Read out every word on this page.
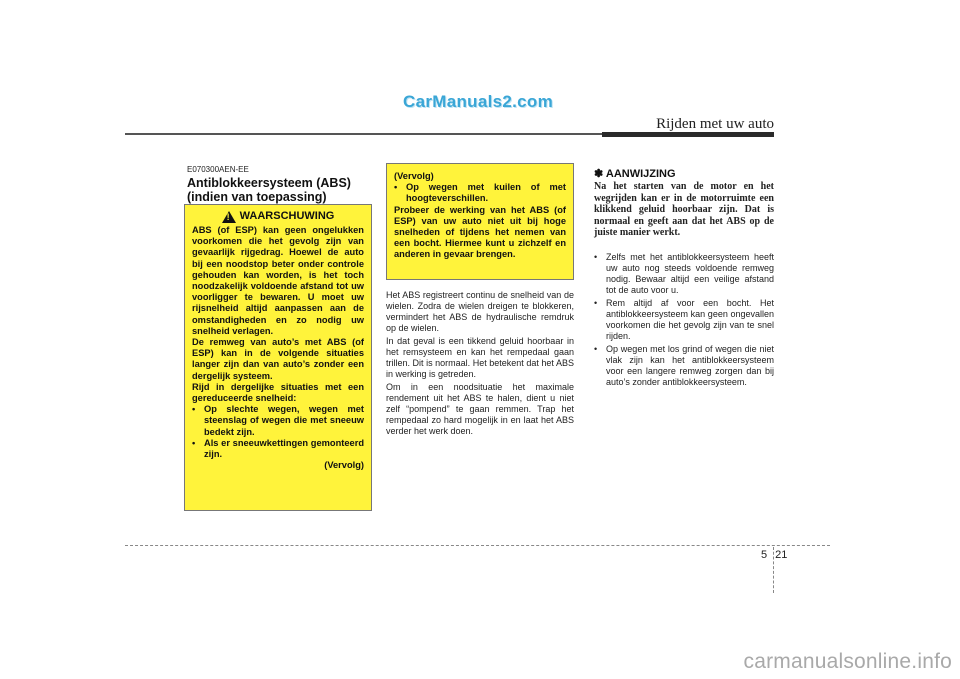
CarManuals2.com
Rijden met uw auto
E070300AEN-EE
Antiblokkeersysteem (ABS) (indien van toepassing)
!
WAARSCHUWING
ABS (of ESP) kan geen ongelukken voorkomen die het gevolg zijn van gevaarlijk rijgedrag. Hoewel de auto bij een noodstop beter onder controle gehouden kan worden, is het toch noodzakelijk voldoende afstand tot uw voorligger te bewaren. U moet uw rijsnelheid altijd aanpassen aan de omstandigheden en zo nodig uw snelheid verlagen.
De remweg van auto’s met ABS (of ESP) kan in de volgende situaties langer zijn dan van auto’s zonder een dergelijk systeem.
Rijd in dergelijke situaties met een gereduceerde snelheid:
• Op slechte wegen, wegen met steenslag of wegen die met sneeuw bedekt zijn.
• Als er sneeuwkettingen gemonteerd zijn.
(Vervolg)
(Vervolg)
• Op wegen met kuilen of met hoogteverschillen.
Probeer de werking van het ABS (of ESP) van uw auto niet uit bij hoge snelheden of tijdens het nemen van een bocht. Hiermee kunt u zichzelf en anderen in gevaar brengen.

Het ABS registreert continu de snelheid van de wielen. Zodra de wielen dreigen te blokkeren, vermindert het ABS de hydraulische remdruk op de wielen.

In dat geval is een tikkend geluid hoorbaar in het remsysteem en kan het rempedaal gaan trillen. Dit is normaal. Het betekent dat het ABS in werking is getreden.

Om in een noodsituatie het maximale rendement uit het ABS te halen, dient u niet zelf “pompend” te gaan remmen. Trap het rempedaal zo hard mogelijk in en laat het ABS verder het werk doen.

✽ AANWIJZING
Na het starten van de motor en het wegrijden kan er in de motorruimte een klikkend geluid hoorbaar zijn. Dat is normaal en geeft aan dat het ABS op de juiste manier werkt.
• Zelfs met het antiblokkeersysteem heeft uw auto nog steeds voldoende remweg nodig. Bewaar altijd een veilige afstand tot de auto voor u.
• Rem altijd af voor een bocht. Het antiblokkeersysteem kan geen ongevallen voorkomen die het gevolg zijn van te snel rijden.
• Op wegen met los grind of wegen die niet vlak zijn kan het antiblokkeersysteem voor een langere remweg zorgen dan bij auto’s zonder antiblokkeersysteem.
5 21
carmanualsonline.info
